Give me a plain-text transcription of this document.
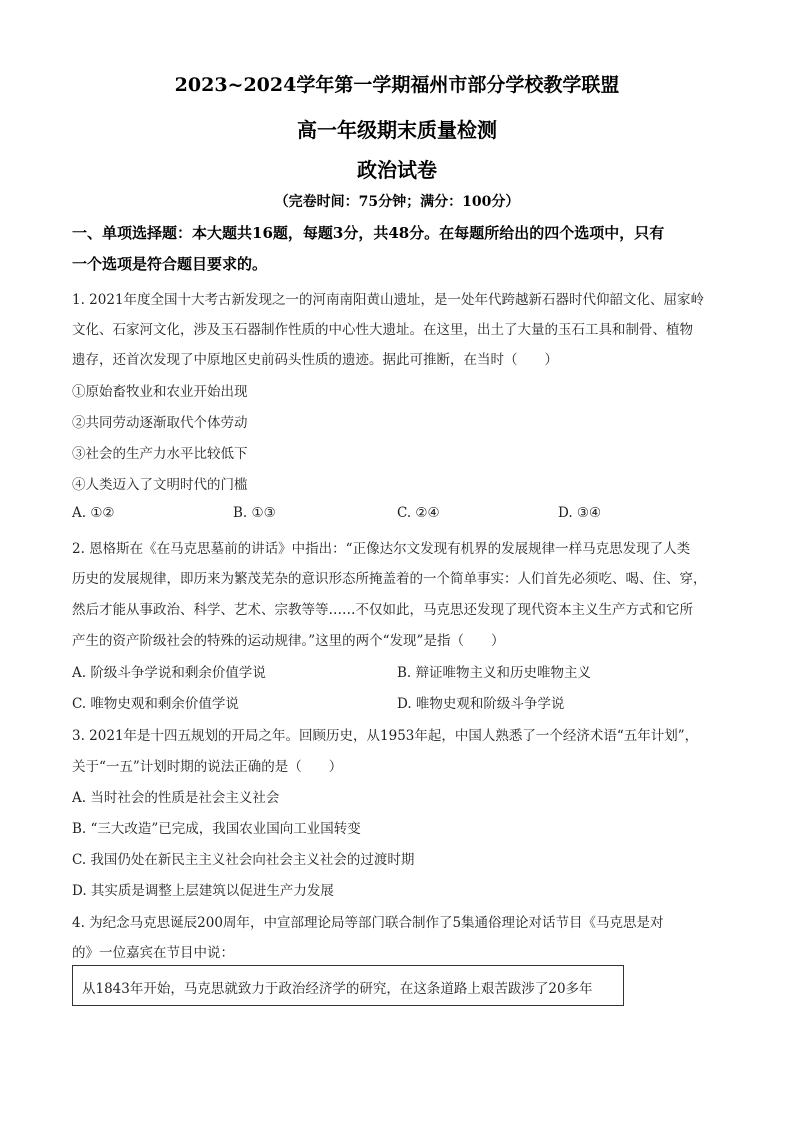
2023~2024学年第一学期福州市部分学校教学联盟
高一年级期末质量检测
政治试卷
（完卷时间：75分钟；满分：100分）
一、单项选择题：本大题共16题，每题3分，共48分。在每题所给出的四个选项中，只有
一个选项是符合题目要求的。
1. 2021年度全国十大考古新发现之一的河南南阳黄山遗址，是一处年代跨越新石器时代仰韶文化、屈家岭
文化、石家河文化，涉及玉石器制作性质的中心性大遗址。在这里，出土了大量的玉石工具和制骨、植物
遗存，还首次发现了中原地区史前码头性质的遗迹。据此可推断，在当时（　　）
①原始畜牧业和农业开始出现
②共同劳动逐渐取代个体劳动
③社会的生产力水平比较低下
④人类迈入了文明时代的门槛
A. ①②	B. ①③	C. ②④	D. ③④
2. 恩格斯在《在马克思墓前的讲话》中指出：“正像达尔文发现有机界的发展规律一样马克思发现了人类
历史的发展规律，即历来为繁茂芜杂的意识形态所掩盖着的一个简单事实：人们首先必须吃、喝、住、穿，
然后才能从事政治、科学、艺术、宗教等等……不仅如此，马克思还发现了现代资本主义生产方式和它所
产生的资产阶级社会的特殊的运动规律。”这里的两个“发现”是指（　　）
A. 阶级斗争学说和剩余价值学说	B. 辩证唯物主义和历史唯物主义
C. 唯物史观和剩余价值学说	D. 唯物史观和阶级斗争学说
3. 2021年是十四五规划的开局之年。回顾历史，从1953年起，中国人熟悉了一个经济术语“五年计划”，
关于“一五”计划时期的说法正确的是（　　）
A. 当时社会的性质是社会主义社会
B. “三大改造”已完成，我国农业国向工业国转变
C. 我国仍处在新民主主义社会向社会主义社会的过渡时期
D. 其实质是调整上层建筑以促进生产力发展
4. 为纪念马克思诞辰200周年，中宣部理论局等部门联合制作了5集通俗理论对话节目《马克思是对
的》一位嘉宾在节目中说：
从1843年开始，马克思就致力于政治经济学的研究，在这条道路上艰苦跋涉了20多年
